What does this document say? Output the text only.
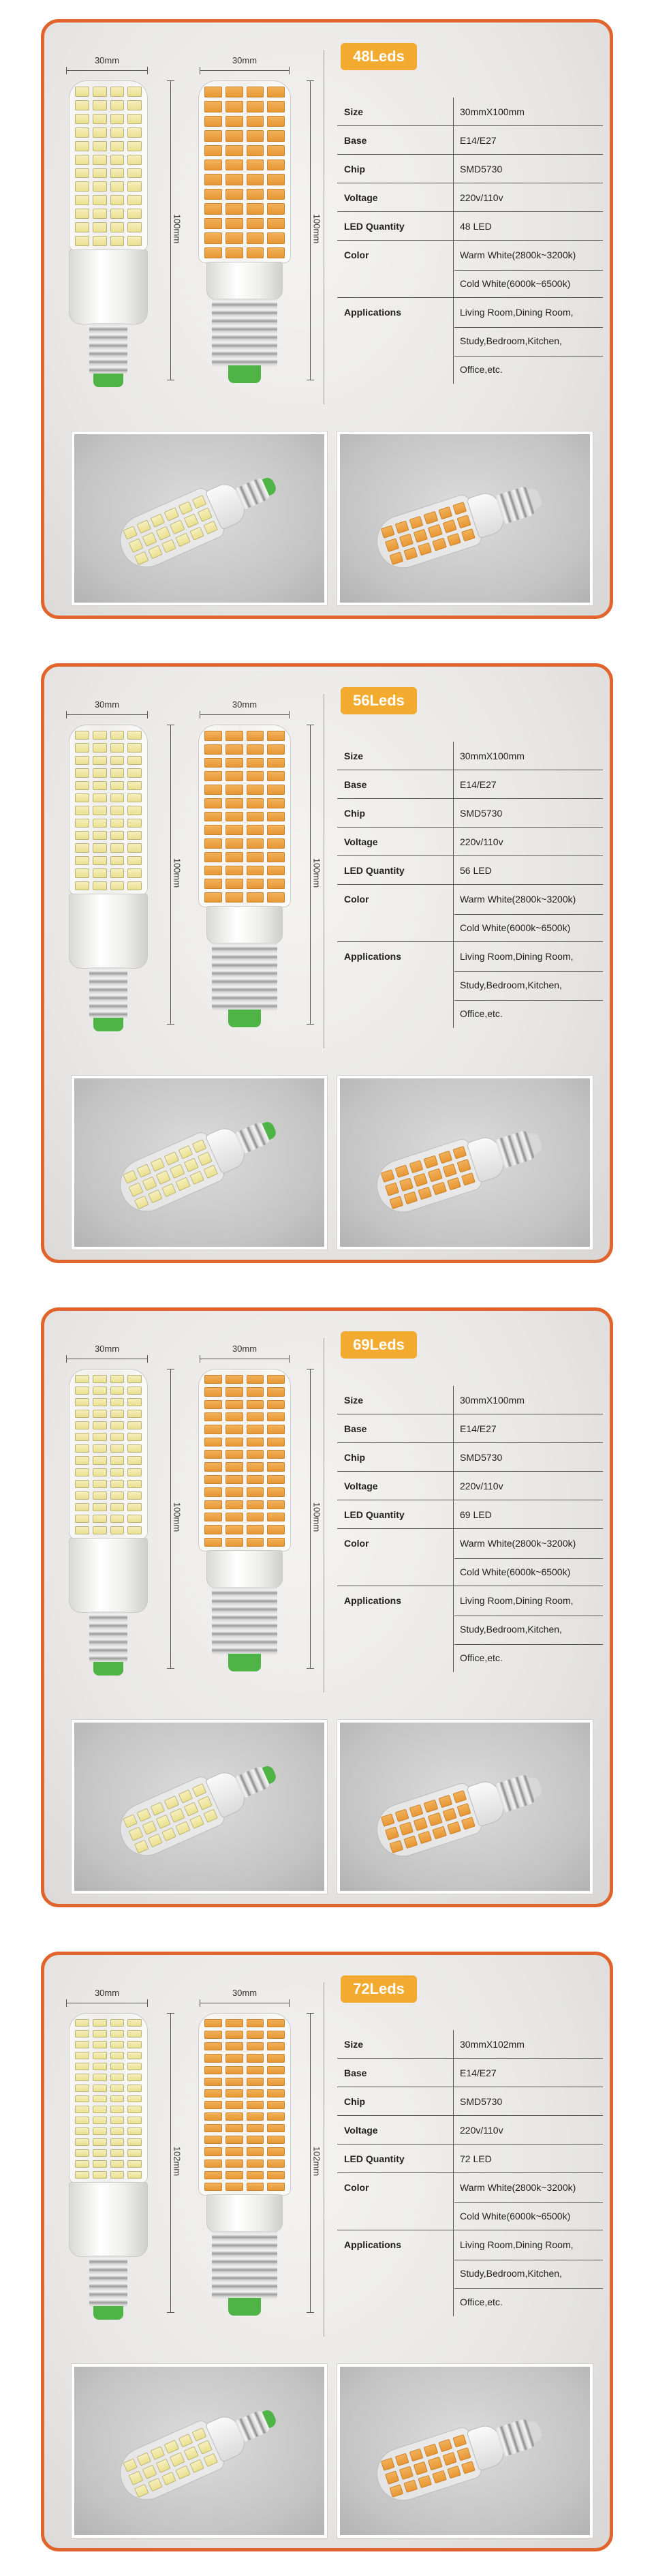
30mm
100mm
30mm
100mm
48Leds
Size	30mmX100mm
Base	E14/E27
Chip	SMD5730
Voltage	220v/110v
LED Quantity	48 LED
Color	Warm White(2800k~3200k)
Cold White(6000k~6500k)
Applications	Living Room,Dining Room,
Study,Bedroom,Kitchen,
Office,etc.
30mm
100mm
30mm
100mm
56Leds
Size	30mmX100mm
Base	E14/E27
Chip	SMD5730
Voltage	220v/110v
LED Quantity	56 LED
Color	Warm White(2800k~3200k)
Cold White(6000k~6500k)
Applications	Living Room,Dining Room,
Study,Bedroom,Kitchen,
Office,etc.
30mm
100mm
30mm
100mm
69Leds
Size	30mmX100mm
Base	E14/E27
Chip	SMD5730
Voltage	220v/110v
LED Quantity	69 LED
Color	Warm White(2800k~3200k)
Cold White(6000k~6500k)
Applications	Living Room,Dining Room,
Study,Bedroom,Kitchen,
Office,etc.
30mm
102mm
30mm
102mm
72Leds
Size	30mmX102mm
Base	E14/E27
Chip	SMD5730
Voltage	220v/110v
LED Quantity	72 LED
Color	Warm White(2800k~3200k)
Cold White(6000k~6500k)
Applications	Living Room,Dining Room,
Study,Bedroom,Kitchen,
Office,etc.
